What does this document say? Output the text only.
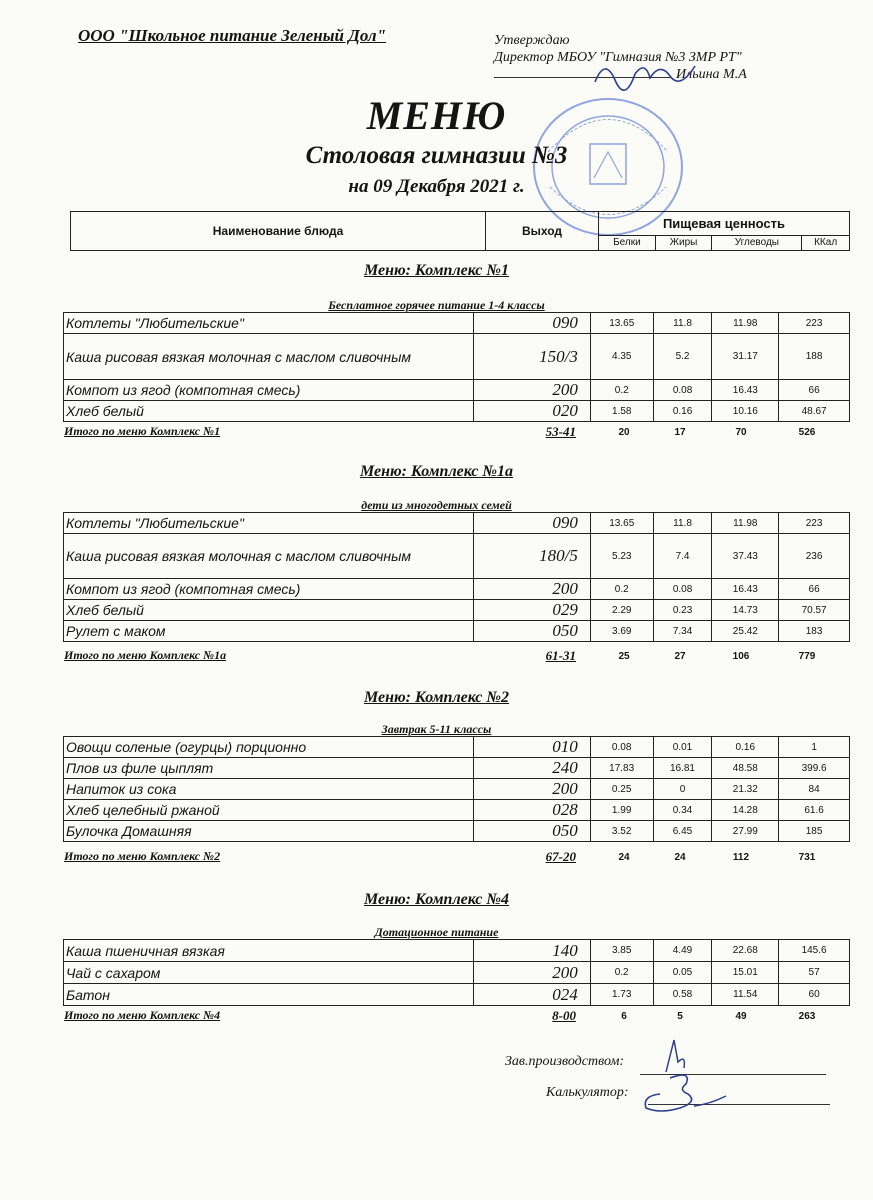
ООО "Школьное питание Зеленый Дол"	Утверждаю
Директор МБОУ "Гимназия №3 ЗМР РТ"
Ильина М.А
МЕНЮ
Столовая гимназии №3
на 09 Декабря 2021 г.
Наименование блюда	Выход	Пищевая ценность			
		Белки	Жиры	Углеводы	ККал
Меню: Комплекс №1
Бесплатное горячее питание 1-4 классы
Котлеты "Любительские"	090	13.65	11.8	11.98	223
Каша рисовая вязкая молочная с маслом сливочным	150/3	4.35	5.2	31.17	188
Компот из ягод (компотная смесь)	200	0.2	0.08	16.43	66
Хлеб белый	020	1.58	0.16	10.16	48.67
Итого по меню Комплекс №1	53-41	20	17	70	526
Меню: Комплекс №1а
дети из многодетных семей
Котлеты "Любительские"	090	13.65	11.8	11.98	223
Каша рисовая вязкая молочная с маслом сливочным	180/5	5.23	7.4	37.43	236
Компот из ягод (компотная смесь)	200	0.2	0.08	16.43	66
Хлеб белый	029	2.29	0.23	14.73	70.57
Рулет с маком	050	3.69	7.34	25.42	183
Итого по меню Комплекс №1а	61-31	25	27	106	779
Меню: Комплекс №2
Завтрак 5-11 классы
Овощи соленые (огурцы) порционно	010	0.08	0.01	0.16	1
Плов из филе цыплят	240	17.83	16.81	48.58	399.6
Напиток из сока	200	0.25	0	21.32	84
Хлеб целебный ржаной	028	1.99	0.34	14.28	61.6
Булочка Домашняя	050	3.52	6.45	27.99	185
Итого по меню Комплекс №2	67-20	24	24	112	731
Меню: Комплекс №4
Дотационное питание
Каша пшеничная вязкая	140	3.85	4.49	22.68	145.6
Чай с сахаром	200	0.2	0.05	15.01	57
Батон	024	1.73	0.58	11.54	60
Итого по меню Комплекс №4	8-00	6	5	49	263
Зав.производством:
Калькулятор:
